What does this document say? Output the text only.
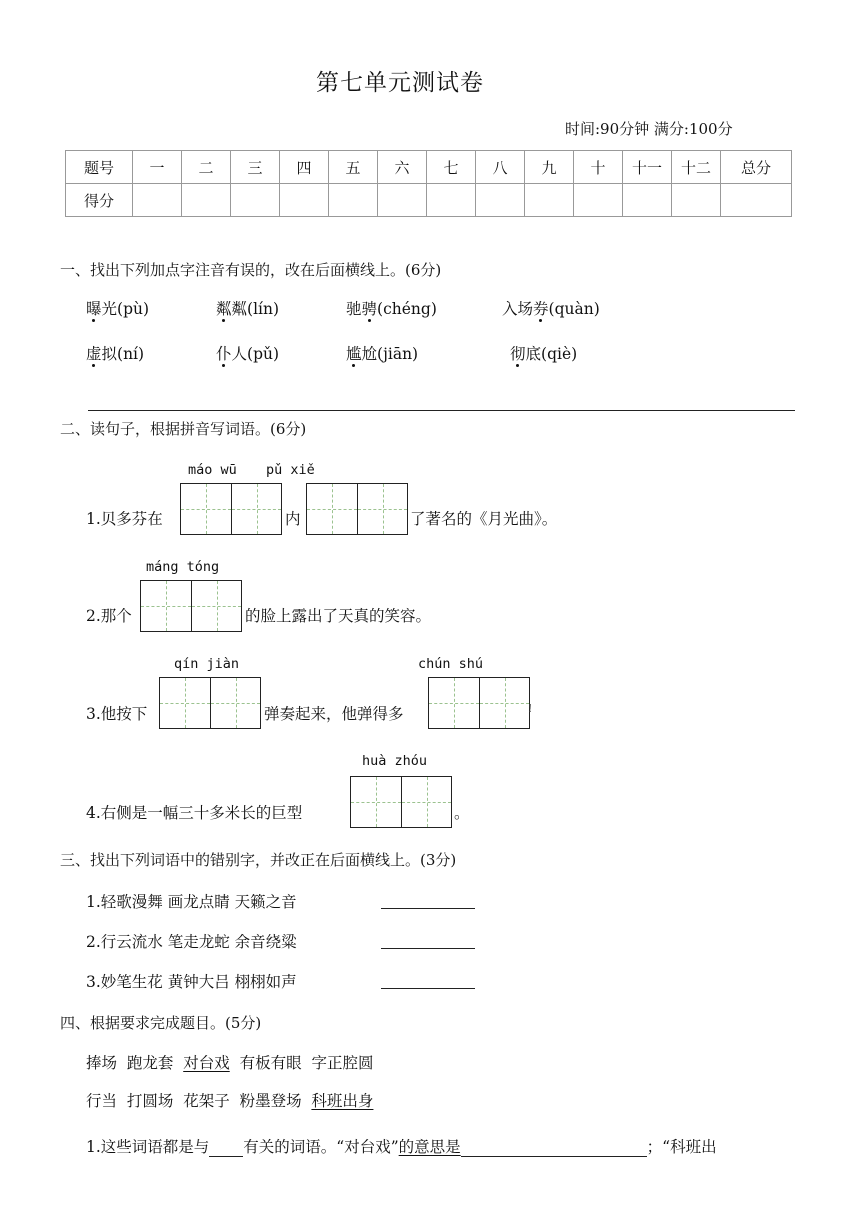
第七单元测试卷
时间:90分钟 满分:100分
题号	一	二	三	四	五	六	七	八	九	十	十一	十二	总分
得分													
一、找出下列加点字注音有误的，改在后面横线上。(6分)
曝光(pù)	粼粼(lín)	驰骋(chéng)	入场券(quàn)
虚拟(ní)	仆人(pǔ)	尴尬(jiān)	彻底(qiè)
二、读句子，根据拼音写词语。(6分)
máo wū pǔ xiě
1.贝多芬在	内	了著名的《月光曲》。
máng tóng
2.那个	的脸上露出了天真的笑容。
qín jiàn	chún shú
3.他按下	弹奏起来，他弹得多	!
huà zhóu
4.右侧是一幅三十多米长的巨型	。
三、找出下列词语中的错别字，并改正在后面横线上。(3分)
1.轻歌漫舞 画龙点睛 天籁之音
2.行云流水 笔走龙蛇 余音绕粱
3.妙笔生花 黄钟大吕 栩栩如声
四、根据要求完成题目。(5分)
捧场  跑龙套  对台戏  有板有眼  字正腔圆
行当  打圆场  花架子  粉墨登场  科班出身
1.这些词语都是与 有关的词语。“对台戏”的意思是	；“科班出
